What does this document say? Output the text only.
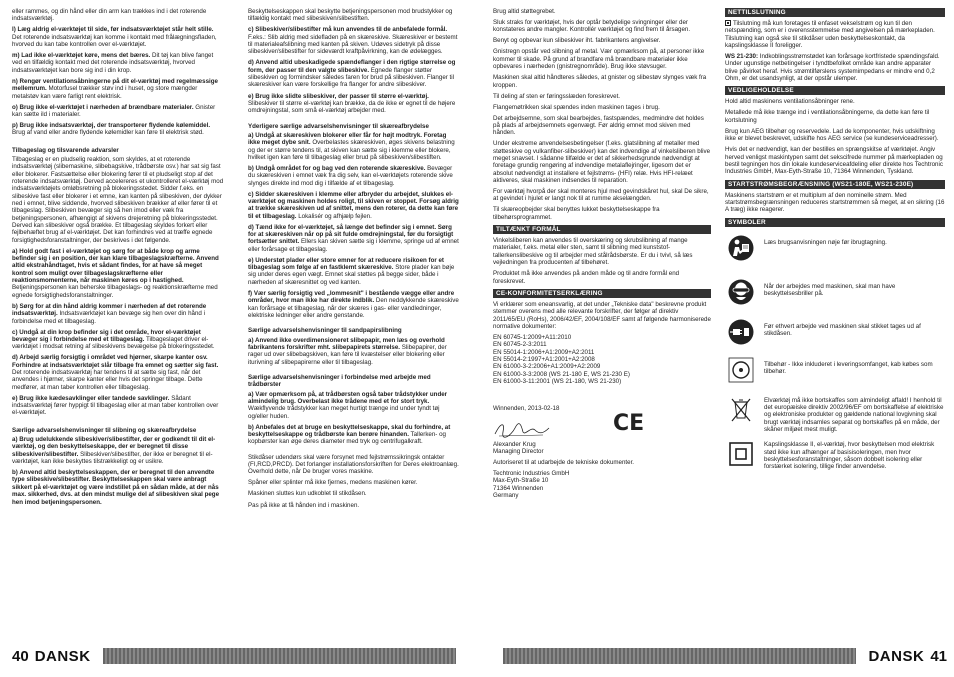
eller rammes, og din hånd eller din arm kan trækkes ind i det roterende indsatsværktøj.

l) Læg aldrig el-værktøjet til side, før indsatsværktøjet står helt stille. Det roterende indsatsværktøj kan komme i kontakt med frålægningsfladen, hvorved du kan tabe kontrollen over el-værktøjet.

m) Lad ikke el-værktøjet køre, mens det bæres. Dit tøj kan blive fanget ved en tilfældig kontakt med det roterende indsatsværktøj, hvorved indsatsværktøjet kan bore sig ind i din krop.

n) Rengør ventilationsåbningerne på dit el-værktøj med regelmæssige mellemrum. Motorfusel trækker støv ind i huset, og store mængder metalstøv kan være farligt rent elektrisk.

o) Brug ikke el-værktøjet i nærheden af brændbare materialer. Gnister kan sætte ild i materialer.

p) Brug ikke indsatsværktøj, der transporterer flydende kølemiddel. Brug af vand eller andre flydende kølemidler kan føre til elektrisk stød.

Tilbageslag og tilsvarende advarsler

Tilbageslag er en pludselig reaktion, som skyldes, at et roterende indsatsværktøj (slibemaskine, slibebagskive, trådbørste osv.) har sat sig fast eller blokerer. Fastsættelse eller blokering fører til et pludseligt stop af det roterende indsatsværktøj. Derved accelereres et ukontrolleret el-værktøj mod indsatsværktøjets omløbsretning på blokeringsstedet. Sidder f.eks. en slibeskive fast eller blokerer i et emne, kan kanten på slibeskiven, der dykker ned i emnet, blive siddende, hvorved slibeskiven brækker af eller fører til et tilbageslag. Slibeskiven bevæger sig så hen imod eller væk fra betjeningspersonen, afhængigt af skivens drejeretning på blokeringsstedet. Derved kan slibeskiver også brække. Et tilbageslag skyldes forkert eller fejlbehæftet brug af el-værktøjet. Det kan forhindres ved at træffe egnede forsigtighedsforanstaltninger, der beskrives i det følgende.

a) Hold godt fast i el-værktøjet og sørg for at både krop og arme befinder sig i en position, der kan klare tilbageslagskræfterne. Anvend altid ekstrahåndtaget, hvis et sådant findes, for at have så meget kontrol som muligt over tilbageslagskræfterne eller reaktionsmomenterne, når maskinen køres op i hastighed. Betjeningspersonen kan beherske tilbageslags- og reaktionskræfterne med egnede forsigtighedsforanstaltninger.

b) Sørg for at din hånd aldrig kommer i nærheden af det roterende indsatsværktøj. Indsatsværktøjet kan bevæge sig hen over din hånd i forbindelse med et tilbageslag.

c) Undgå at din krop befinder sig i det område, hvor el-værktøjet bevæger sig i forbindelse med et tilbageslag. Tilbageslaget driver el-værktøjet i modsat retning af slibeskivens bevægelse på blokeringsstedet.

d) Arbejd særlig forsigtig i området ved hjørner, skarpe kanter osv. Forhindre at indsatsværktøjet slår tilbage fra emnet og sætter sig fast. Det roterende indsatsværktøj har tendens til at sætte sig fast, når det anvendes i hjørner, skarpe kanter eller hvis det springer tilbage. Dette medfører, at man taber kontrollen eller tilbageslag.

e) Brug ikke kædesavklinger eller tandede savklinger. Sådant indsatsværktøj fører hyppigt til tilbageslag eller at man taber kontrollen over el-værktøjet.

Særlige advarselshenvisninger til slibning og skæreafbrydelse

a) Brug udelukkende slibeskiver/slibestifter, der er godkendt til dit el-værktøj, og den beskyttelseskappe, der er beregnet til disse slibeskiver/slibestifter. Slibeskiver/slibestifter, der ikke er beregnet til el-værktøjet, kan ikke beskyttes tilstrækkeligt og er usikre.

b) Anvend altid beskyttelseskappen, der er beregnet til den anvendte type slibeskive/slibestifter. Beskyttelseskappen skal være anbragt sikkert på el-værktøjet og være indstillet på en sådan måde, at der nås max. sikkerhed, dvs. at den mindst mulige del af slibeskiven skal pege hen imod betjeningspersonen.

Beskyttelseskappen skal beskytte betjeningspersonen mod brudstykker og tilfældig kontakt med slibeskiven/slibestiften.

c) Slibeskiver/slibestifter må kun anvendes til de anbefalede formål. F.eks.: Slib aldrig med sidefladen på en skæreskive. Skæreskiver er bestemt til materialeafslibning med kanten på skiven. Udøves sidetryk på disse slibeskiver/slibestifter for sideværdt kraftpåvirkning, kan de ødelægges.

d) Anvend altid ubeskadigede spændeflanger i den rigtige størrelse og form, der passer til den valgte slibeskive. Egnede flanger støtter slibeskiven og formindsker således faren for brud på slibeskiven. Flanger til skæreskiver kan være forskellige fra flanger for andre slibeskiver.

e) Brug ikke slidte slibeskiver, der passer til større el-værktøj. Slibeskiver til større el-værktøj kan brække, da de ikke er egnet til de højere omdrejningstal, som små el-værktøj arbejder med.

Yderligere særlige advarselshenvisninger til skæreafbrydelse

a) Undgå at skæreskiven blokerer eller får for højt modtryk. Foretag ikke meget dybe snit. Overbelastes skæreskiven, øges skivens belastning og der er større tendens til, at skiven kan sætte sig i klemme eller blokere, hvilket igen kan føre til tilbageslag eller brud på slibeskiven/slibestiften.

b) Undgå området for og bag ved den roterende skæreskive. Bevæger du skæreskiven i emnet væk fra dig selv, kan el-værktøjets roterende skive slynges direkte ind mod dig i tilfælde af et tilbageslag.

c) Sidder skæreskiven i klemme eller afbryder du arbejdet, slukkes el-værktøjet og maskinen holdes roligt, til skiven er stoppet. Forsøg aldrig at trække skæreskiven ud af snittet, mens den roterer, da dette kan føre til et tilbageslag. Lokalisér og afhjælp fejlen.

d) Tænd ikke for el-værktøjet, så længe det befinder sig i emnet. Sørg for at skæreskiven når op på sit fulde omdrejningstal, før du forsigtigt fortsætter snittet. Ellers kan skiven sætte sig i klemme, springe ud af emnet eller forårsage et tilbageslag.

e) Understøt plader eller store emner for at reducere risikoen for et tilbageslag som følge af en fastklemt skæreskive. Store plader kan bøje sig under deres egen vægt. Emnet skal støttes på begge sider, både i nærheden af skæresnittet og ved kanten.

f) Vær særlig forsigtig ved „lommesnit" i bestående vægge eller andre områder, hvor man ikke har direkte indblik. Den neddykkende skæreskive kan forårsage et tilbageslag, når der skæres i gas- eller vandledninger, elektriske ledninger eller andre genstande.

Særlige advarselshenvisninger til sandpapirslibning

a) Anvend ikke overdimensioneret slibepapir, men læs og overhold fabrikantens forskrifter mht. slibepapirets størrelse. Slibepapirer, der rager ud over slibebagskiven, kan føre til kvæstelser eller blokering eller iturivning af slibepapirerne eller til tilbageslag.

Særlige advarselshenvisninger i forbindelse med arbejde med trådbørster

a) Vær opmærksom på, at trådbørsten også taber trådstykker under almindelig brug. Overbelast ikke trådene med et for stort tryk. Wækflyvende trådstykker kan meget hurtigt trænge ind under tyndt tøj og/eller huden.

b) Anbefales det at bruge en beskyttelseskappe, skal du forhindre, at beskyttelseskappe og trådbørste kan berøre hinanden. Tallerken- og kopbørster kan øge deres diameter med tryk og centrifugalkraft.

Stikdåser udendørs skal være forsynet med fejlstrømssikringsk ontakter (FI,RCD,PRCD). Det forlanger installationsforskriften for Deres elektroanlæg. Overhold dette, når De bruger vores maskine.

Spåner eller splinter må ikke fjernes, medens maskinen kører.

Maskinen sluttes kun udkoblet til stikdåsen.

Pas på ikke at få hånden ind i maskinen.

40 DANSK

Brug altid støttegrebet.

Sluk straks for værktøjet, hvis der optår betydelige svingninger eller der konstateres andre mangler. Kontrollér værktøjet og find frem til årsagen.

Benyt og opbevar kun slibeskiver iht. fabrikantens angivelser.

Gnistregn opstår ved slibning af metal. Vær opmærksom på, at personer ikke kommer til skade. På grund af brandfare må brændbare materialer ikke opbevares i nærheden (gnistregnområde). Brug ikke støvsuger.

Maskinen skal altid håndteres således, at gnister og slibestøv slynges væk fra kroppen.

Til deling af sten er føringsslæden foreskrevet.

Flangemøtrikken skal spændes inden maskinen tages i brug.

Det arbejdsemne, som skal bearbejdes, fastspændes, medmindre det holdes på plads af arbejdsemnets egenvægt. Før aldrig emnet mod skiven med hånden.

Under ekstreme anvendelsesbetingelser (f.eks. glatslibning af metaller med støtteskive og vulkanfiber-slibeskiver) kan det indvendige af vinkelsliberen blive meget snavset. I sådanne tilfælde er det af sikkerhedsgrunde nødvendigt at foretage grundig rengøring af indvendige metalaflejringer, ligesom det er absolut nødvendigt at installere et fejlstrøms- (HFI) relæ. Hvis HFI-relæet aktiveres, skal maskinen indsendes til reparation.

For værktøj hvorpå der skal monteres hjul med gevindskåret hul, skal De sikre, at gevindet i hjulet er langt nok til at rumme akselængden.

Til skæreopbejder skal benyttes lukket beskyttelseskappe fra tilbehørsprogrammet.

TILTÆNKT FORMÅL

Vinkelsliberen kan anvendes til overskæring og skrubslibning af mange materialer, f.eks. metal eller sten, samt til slibning med kunststof-tallerkenslibeskive og til arbejder med stålrådsbørste. Er du i tvivl, så læs vejledningen fra producenten af tilbehøret.

Produktet må ikke anvendes på anden måde og til andre formål end foreskrevet.

CE-KONFORMITETSERKLÆRING

Vi erklærer som eneansvarlig, at det under „Tekniske data" beskrevne produkt stemmer overens med alle relevante forskrifter, der følger af direktiv 2011/65/EU (RoHs), 2006/42/EF, 2004/108/EF samt af følgende harmoniserede normative dokumenter:

EN 60745-1:2009+A11:2010
EN 60745-2-3:2011
EN 55014-1:2006+A1:2009+A2:2011
EN 55014-2:1997+A1:2001+A2:2008
EN 61000-3-2:2006+A1:2009+A2:2009
EN 61000-3-3:2008 (WS 21-180 E, WS 21-230 E)
EN 61000-3-11:2001 (WS 21-180, WS 21-230)

Winnenden, 2013-02-18

CE

Alexander Krug
Managing Director

Autoriseret til at udarbejde de tekniske dokumenter.

Techtronic Industries GmbH
Max-Eyth-Straße 10
71364 Winnenden
Germany

NETTILSLUTNING

Tilslutning må kun foretages til enfaset vekselstrøm og kun til den netspænding, som er i overensstemmelse med angivelsen på mærkepladen. Tilslutning kan også ske til stikdåser uden beskyttelseskontakt, da kapslingsklasse II foreligger.

WS 21-230: Indkoblingsstrømstødet kan forårsage kortfristede spændingsfald. Under ugunstige netbetingelser i tyndtbefolket område kan andre apparater blive påvirket heraf. Hvis strømtilførslens systemimpedans er mindre end 0,2 Ohm, er det usandsynligt, at der opstår ulemper.

VEDLIGEHOLDELSE

Hold altid maskinens ventilationsåbninger rene.

Metallede må ikke trænge ind i ventilationsåbningerne, da dette kan føre til kortslutning

Brug kun AEG tilbehør og reservedele. Lad de komponenter, hvis udskiftning ikke er blevet beskrevet, udskifte hos AEG service (se kundeserviceadresser).

Hvis det er nødvendigt, kan der bestilles en sprængskitse af værktøjet. Angiv herved venligst maskintypen samt det sekscifrede nummer på mærkepladen og bestil tegningen hos din lokale kundeserviceafdeling eller direkte hos Techtronic Industries GmbH, Max-Eyth-Straße 10, 71364 Winnenden, Tyskland.

STARTSTRØMSBEGRÆNSNING (WS21-180E, WS21-230E)

Maskinens startstrøm er et multiplum af den nominelle strøm. Med startstrømsbegrænsningen reduceres startstrømmen så meget, at en sikring (16 A træg) ikke reagerer.

SYMBOLER
Læs brugsanvisningen nøje før ibrugtagning.
Når der arbejdes med maskinen, skal man have beskyttelsesbriller på.
Før ethvert arbejde ved maskinen skal stikket tages ud af stikdåsen.
Tilbehør - Ikke inkluderet i leveringsomfanget, kab købes som tilbehør.
Elværktøj må ikke bortskaffes som almindeligt affald! I henhold til det europæiske direktiv 2002/96/EF om bortskaffelse af elektriske og elektroniske produkter og gældende national lovgivning skal brugt værktøj indsamles separat og bortskaffes på en måde, der skåner miljøet mest muligt.
Kapslingsklasse II, el-værktøj, hvor beskyttelsen mod elektrisk stød ikke kun afhænger af basisisoleringen, men hvor beskyttelsesforanstaltninger, såsom dobbelt isolering eller forstærket isolering, tillige finder anvendelse.
DANSK 41
